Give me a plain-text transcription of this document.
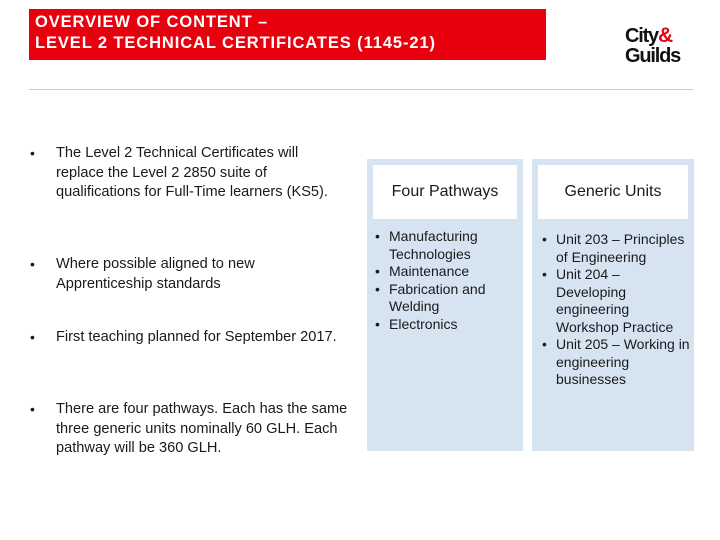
OVERVIEW OF CONTENT –
LEVEL 2 TECHNICAL CERTIFICATES (1145-21)	City&
Guilds
• The Level 2 Technical Certificates will replace the Level 2 2850 suite of qualifications for Full-Time learners (KS5).
• Where possible aligned to new Apprenticeship standards
• First teaching planned for September 2017.
• There are four pathways. Each has the same three generic units nominally 60 GLH. Each pathway will be 360 GLH.
Four Pathways
• Manufacturing Technologies
• Maintenance
• Fabrication and Welding
• Electronics
Generic Units
• Unit 203 – Principles of Engineering
• Unit 204 – Developing engineering Workshop Practice
• Unit 205 – Working in engineering businesses
